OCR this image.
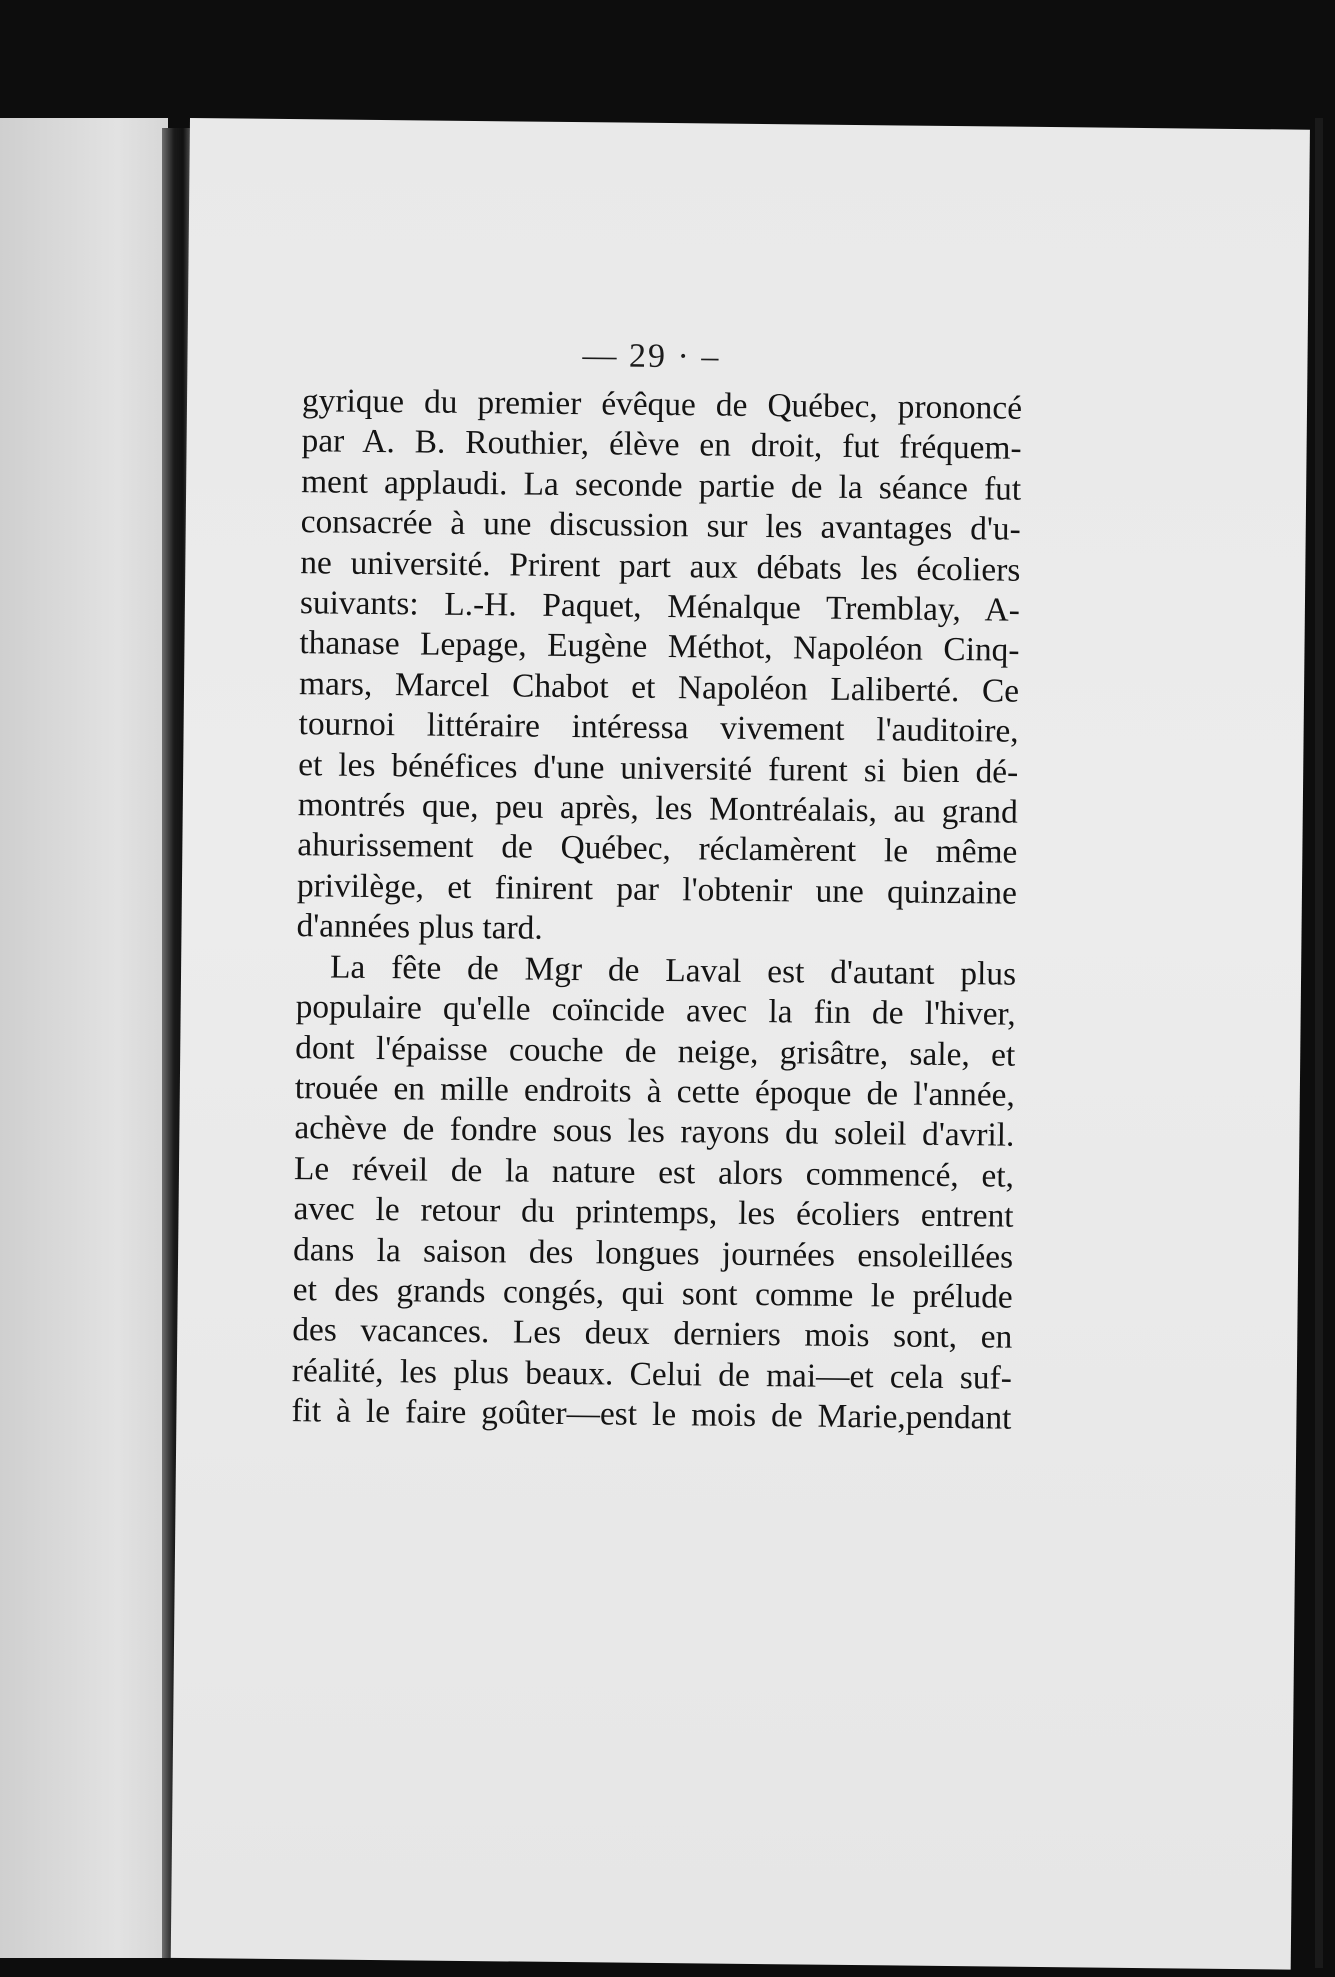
— 29 · –
gyrique du premier évêque de Québec, prononcé
par A. B. Routhier, élève en droit, fut fréquem-
ment applaudi. La seconde partie de la séance fut
consacrée à une discussion sur les avantages d'u-
ne université. Prirent part aux débats les écoliers
suivants: L.-H. Paquet, Ménalque Tremblay, A-
thanase Lepage, Eugène Méthot, Napoléon Cinq-
mars, Marcel Chabot et Napoléon Laliberté. Ce
tournoi littéraire intéressa vivement l'auditoire,
et les bénéfices d'une université furent si bien dé-
montrés que, peu après, les Montréalais, au grand
ahurissement de Québec, réclamèrent le même
privilège, et finirent par l'obtenir une quinzaine
d'années plus tard.
La fête de Mgr de Laval est d'autant plus
populaire qu'elle coïncide avec la fin de l'hiver,
dont l'épaisse couche de neige, grisâtre, sale, et
trouée en mille endroits à cette époque de l'année,
achève de fondre sous les rayons du soleil d'avril.
Le réveil de la nature est alors commencé, et,
avec le retour du printemps, les écoliers entrent
dans la saison des longues journées ensoleillées
et des grands congés, qui sont comme le prélude
des vacances. Les deux derniers mois sont, en
réalité, les plus beaux. Celui de mai—et cela suf-
fit à le faire goûter—est le mois de Marie,pendant
